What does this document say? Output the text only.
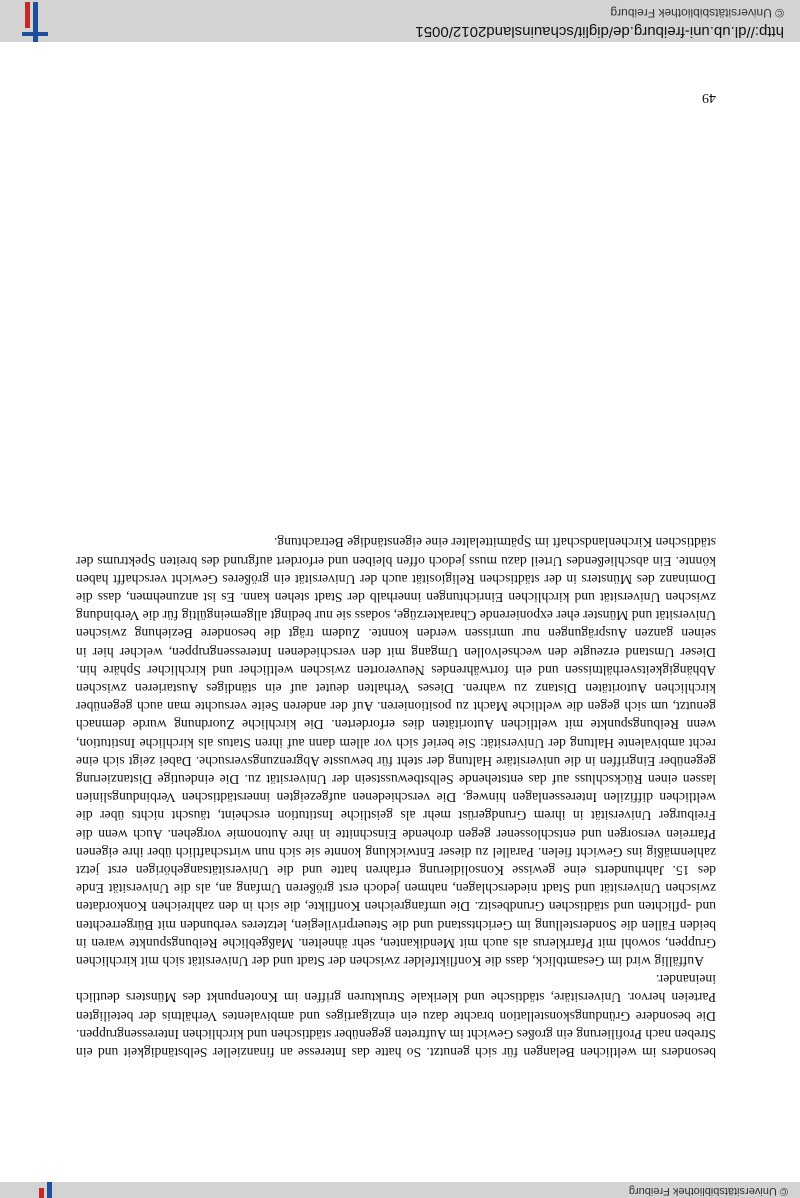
© Universitätsbibliothek Freiburg

besonders im weltlichen Belangen für sich genutzt. So hatte das Interesse an finanzieller Selbständigkeit und ein Streben nach Profilierung ein großes Gewicht im Auftreten gegenüber städtischen und kirchlichen Interessengruppen. Die besondere Gründungskonstellation brachte dazu ein einzigartiges und ambivalentes Verhältnis der beteiligten Parteien hervor. Universitäre, städtische und klerikale Strukturen griffen im Knotenpunkt des Münsters deutlich ineinander.

Auffällig wird im Gesamtblick, dass die Konfliktfelder zwischen der Stadt und der Universität sich mit kirchlichen Gruppen, sowohl mit Pfarrklerus als auch mit Mendikanten, sehr ähnelten. Maßgebliche Reibungspunkte waren in beiden Fällen die Sonderstellung im Gerichtsstand und die Steuerprivilegien, letzteres verbunden mit Bürgerrechten und -pflichten und städtischen Grundbesitz. Die umfangreichen Konflikte, die sich in den zahlreichen Konkordaten zwischen Universität und Stadt niederschlagen, nahmen jedoch erst größeren Umfang an, als die Universität Ende des 15. Jahrhunderts eine gewisse Konsolidierung erfahren hatte und die Universitätsangehörigen erst jetzt zahlenmäßig ins Gewicht fielen. Parallel zu dieser Entwicklung konnte sie sich nun wirtschaftlich über ihre eigenen Pfarreien versorgen und entschlossener gegen drohende Einschnitte in ihre Autonomie vorgehen. Auch wenn die Freiburger Universität in ihrem Grundgerüst mehr als geistliche Institution erscheint, täuscht nichts über die weltlichen diffizilen Interessenlagen hinweg. Die verschiedenen aufgezeigten innerstädtischen Verbindungslinien lassen einen Rückschluss auf das entstehende Selbstbewusstsein der Universität zu. Die eindeutige Distanzierung gegenüber Eingriffen in die universitäre Haltung der steht für bewusste Abgrenzungsversuche. Dabei zeigt sich eine recht ambivalente Haltung der Universität: Sie berief sich vor allem dann auf ihren Status als kirchliche Institution, wenn Reibungspunkte mit weltlichen Autoritäten dies erforderten. Die kirchliche Zuordnung wurde demnach genutzt, um sich gegen die weltliche Macht zu positionieren. Auf der anderen Seite versuchte man auch gegenüber kirchlichen Autoritäten Distanz zu wahren. Dieses Verhalten deutet auf ein ständiges Austarieren zwischen Abhängigkeitsverhältnissen und ein fortwährendes Neuverorten zwischen weltlicher und kirchlicher Sphäre hin. Dieser Umstand erzeugte den wechselvollen Umgang mit den verschiedenen Interessengruppen, welcher hier in seinen ganzen Ausprägungen nur umrissen werden konnte. Zudem trägt die besondere Beziehung zwischen Universität und Münster eher exponierende Charakterzüge, sodass sie nur bedingt allgemeingültig für die Verbindung zwischen Universität und kirchlichen Einrichtungen innerhalb der Stadt stehen kann. Es ist anzunehmen, dass die Dominanz des Münsters in der städtischen Religiosität auch der Universität ein größeres Gewicht verschafft haben könnte. Ein abschließendes Urteil dazu muss jedoch offen bleiben und erfordert aufgrund des breiten Spektrums der städtischen Kirchenlandschaft im Spätmittelalter eine eigenständige Betrachtung.

49
http://dl.ub.uni-freiburg.de/diglit/schauinsland2012/0051
© Universitätsbibliothek Freiburg
